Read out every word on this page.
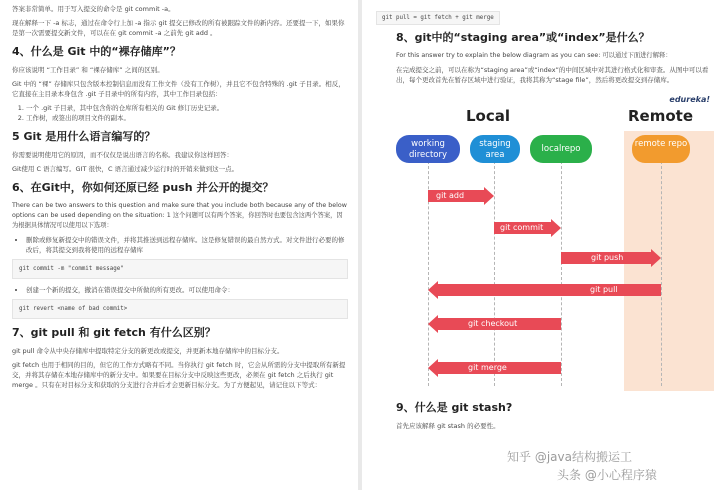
答案非常简单。用于写入提交的命令是 git commit -a。

现在解释一下 -a 标志，通过在命令行上加 -a 指示 git 提交已修改的所有被跟踪文件的新内容。还要提一下，如果你是第一次需要提交新文件，可以在在 git commit -a 之前先 git add 。

4、什么是 Git 中的“裸存储库”？

你应该说明 “工作目录” 和 “裸存储库” 之间的区别。

Git 中的 “裸” 存储库只包含版本控制信息而没有工作文件（没有工作树），并且它不包含特殊的 .git 子目录。相反，它直接在主目录本身包含 .git 子目录中的所有内容，其中工作目录包括：

1. 一个 .git 子目录，其中包含你的仓库所有相关的 Git 修订历史记录。
2. 工作树，或签出的项目文件的副本。
5 Git 是用什么语言编写的？

你需要说明使用它的原因，而不仅仅是说出语言的名称。我建议你这样回答：

Git使用 C 语言编写。GIT 很快，C 语言通过减少运行时的开销来做到这一点。

6、在Git中，你如何还原已经 push 并公开的提交？

There can be two answers to this question and make sure that you include both because any of the below options can be used depending on the situation: 1 这个问题可以有两个答案，你回答时也要包含这两个答案，因为根据具体情况可以使用以下选项：

• 删除或修复新提交中的错误文件，并将其推送到远程存储库。这是修复错误的最自然方式。对文件进行必要的修改后，将其提交到我将使用的远程存储库
git commit -m "commit message"
• 创建一个新的提交，撤消在错误提交中所做的所有更改。可以使用命令：
git revert <name of bad commit>
7、git pull 和 git fetch 有什么区别？

git pull 命令从中央存储库中提取特定分支的新更改或提交，并更新本地存储库中的目标分支。

git fetch 也用于相同的目的，但它的工作方式略有不同。当你执行 git fetch 时，它会从所需的分支中提取所有新提交，并将其存储在本地存储库中的新分支中。如果要在目标分支中反映这些更改，必须在 git fetch 之后执行 git merge 。只有在对目标分支和获取的分支进行合并后才会更新目标分支。为了方便起见，请记住以下等式：

git pull = git fetch + git merge
8、git中的“staging area”或“index”是什么？

For this answer try to explain the below diagram as you can see: 可以通过下面进行解释：

在完成提交之前，可以在称为“staging area”或“index”的中间区域中对其进行格式化和审查。从图中可以看出，每个更改首先在暂存区域中进行验证，我将其称为“stage file”，然后将更改提交到存储库。

edureka!
Local	Remote
working directory
staging area
localrepo	remote repo
git add
git commit
git push
git pull
git checkout
git merge
9、什么是 git stash?

首先应该解释 git stash 的必要性。

知乎 @java结构搬运工
头条 @小心程序猿
